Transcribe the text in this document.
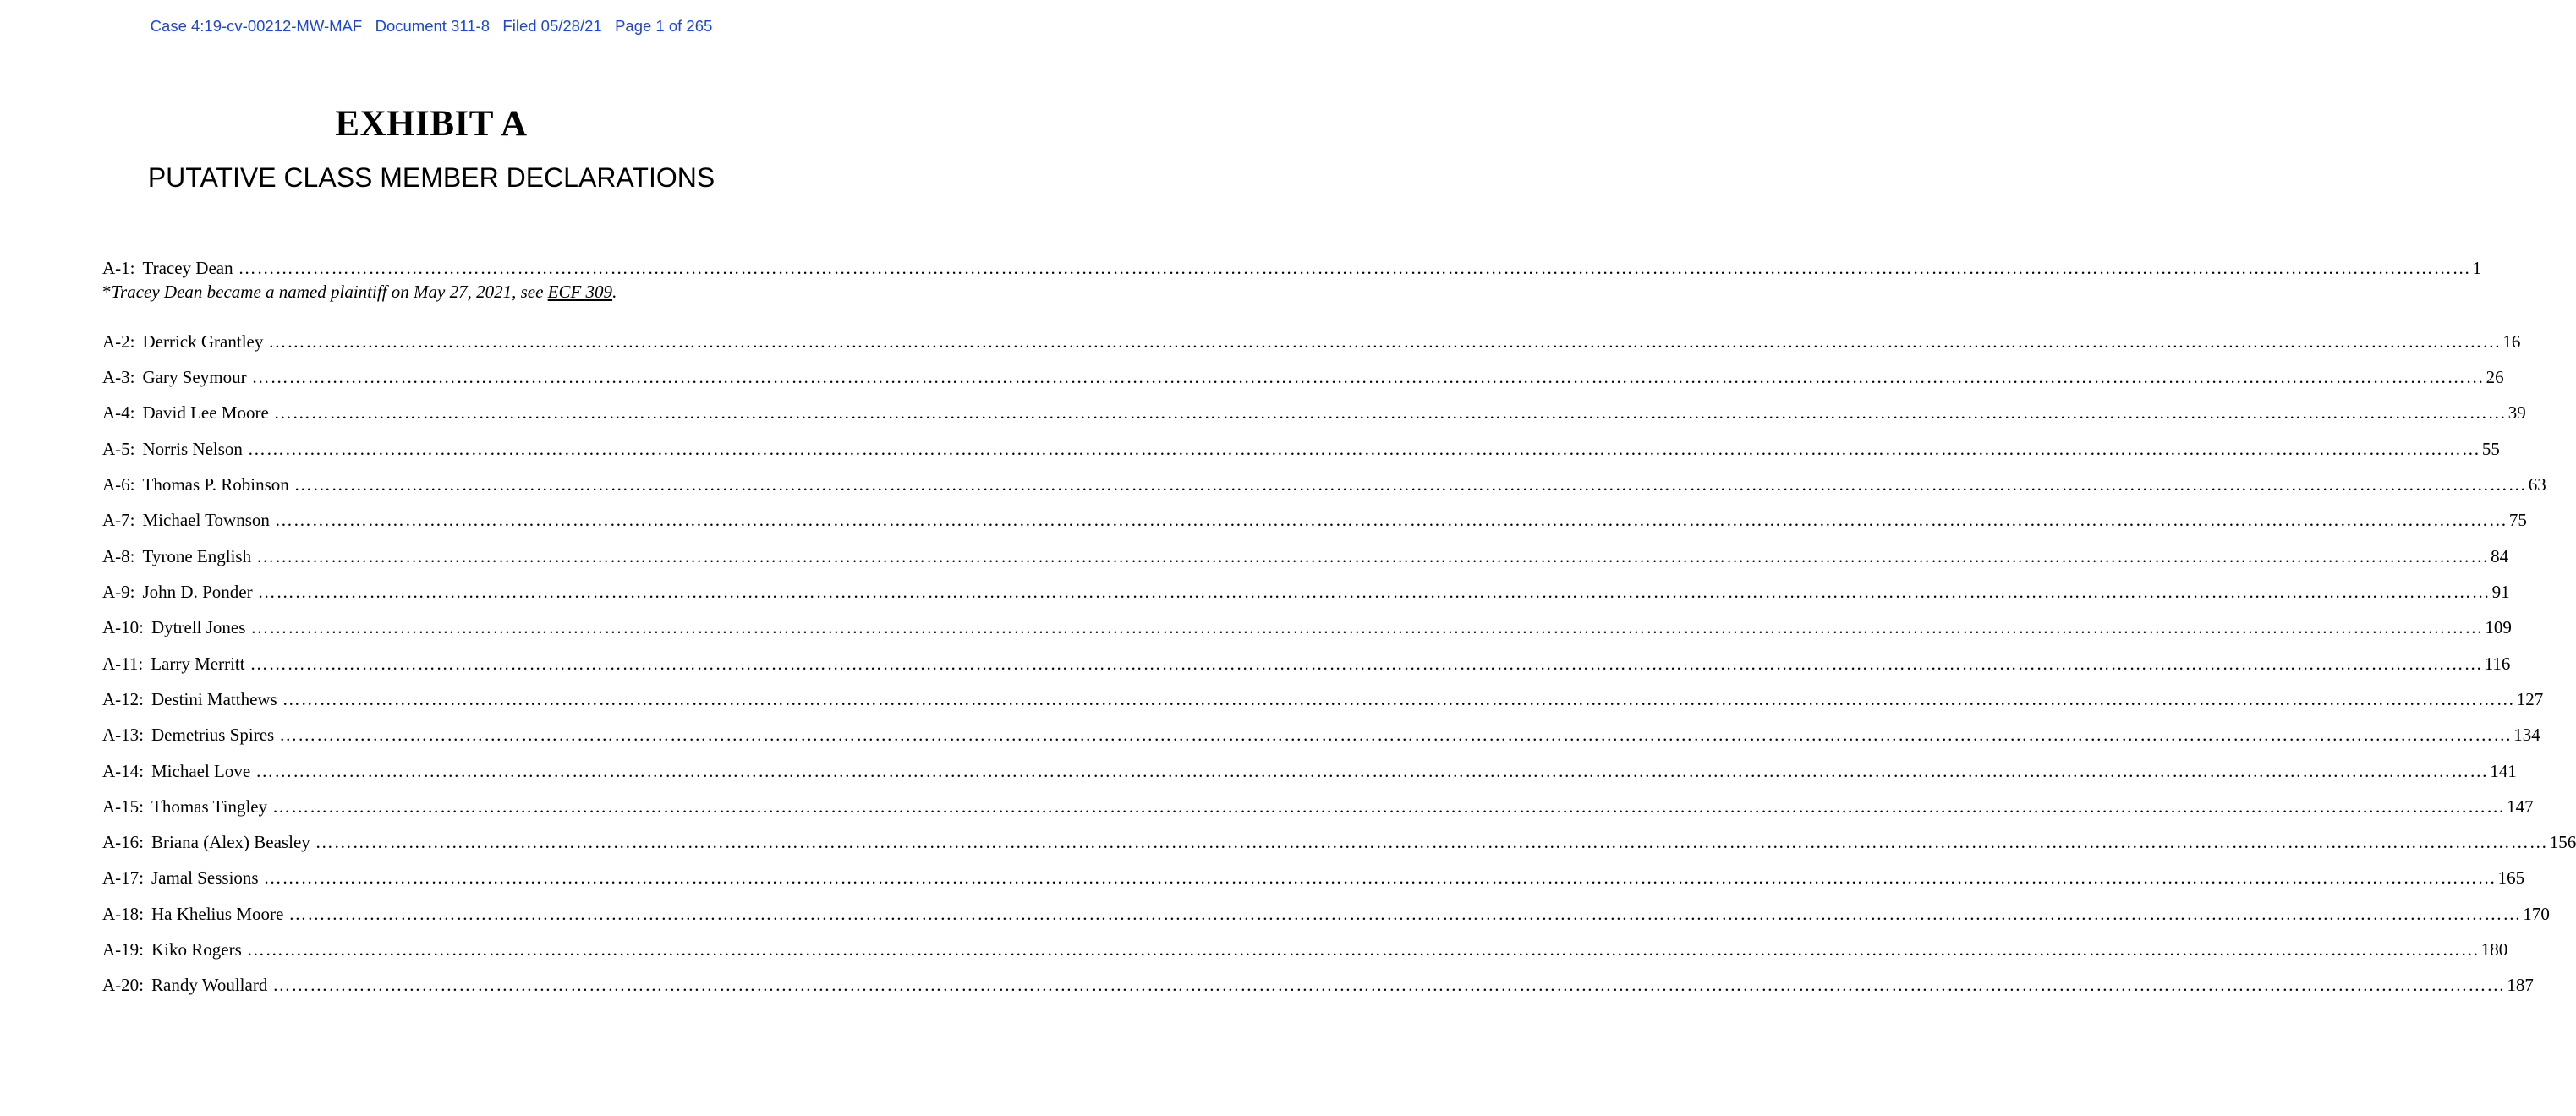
Case 4:19-cv-00212-MW-MAF   Document 311-8   Filed 05/28/21   Page 1 of 265
EXHIBIT A
PUTATIVE CLASS MEMBER DECLARATIONS
*Tracey Dean became a named plaintiff on May 27, 2021, see ECF 309.
A-1: Tracey Dean ……………………………………………………………………………………………………………………………………………………………………………………………………………………………………………………………………………………………………………………………… 1
A-2: Derrick Grantley ……………………………………………………………………………………………………………………………………………………………………………………………………………………………………………………………………………………………………………………………… 16
A-3: Gary Seymour ……………………………………………………………………………………………………………………………………………………………………………………………………………………………………………………………………………………………………………………………… 26
A-4: David Lee Moore ……………………………………………………………………………………………………………………………………………………………………………………………………………………………………………………………………………………………………………………………… 39
A-5: Norris Nelson ……………………………………………………………………………………………………………………………………………………………………………………………………………………………………………………………………………………………………………………………… 55
A-6: Thomas P. Robinson ……………………………………………………………………………………………………………………………………………………………………………………………………………………………………………………………………………………………………………………………… 63
A-7: Michael Townson ……………………………………………………………………………………………………………………………………………………………………………………………………………………………………………………………………………………………………………………………… 75
A-8: Tyrone English ……………………………………………………………………………………………………………………………………………………………………………………………………………………………………………………………………………………………………………………………… 84
A-9: John D. Ponder ……………………………………………………………………………………………………………………………………………………………………………………………………………………………………………………………………………………………………………………………… 91
A-10: Dytrell Jones ……………………………………………………………………………………………………………………………………………………………………………………………………………………………………………………………………………………………………………………………… 109
A-11: Larry Merritt ……………………………………………………………………………………………………………………………………………………………………………………………………………………………………………………………………………………………………………………………… 116
A-12: Destini Matthews ……………………………………………………………………………………………………………………………………………………………………………………………………………………………………………………………………………………………………………………………… 127
A-13: Demetrius Spires ……………………………………………………………………………………………………………………………………………………………………………………………………………………………………………………………………………………………………………………………… 134
A-14: Michael Love ……………………………………………………………………………………………………………………………………………………………………………………………………………………………………………………………………………………………………………………………… 141
A-15: Thomas Tingley ……………………………………………………………………………………………………………………………………………………………………………………………………………………………………………………………………………………………………………………………… 147
A-16: Briana (Alex) Beasley ……………………………………………………………………………………………………………………………………………………………………………………………………………………………………………………………………………………………………………………………… 156
A-17: Jamal Sessions ……………………………………………………………………………………………………………………………………………………………………………………………………………………………………………………………………………………………………………………………… 165
A-18: Ha Khelius Moore ……………………………………………………………………………………………………………………………………………………………………………………………………………………………………………………………………………………………………………………………… 170
A-19: Kiko Rogers ……………………………………………………………………………………………………………………………………………………………………………………………………………………………………………………………………………………………………………………………… 180
A-20: Randy Woullard ……………………………………………………………………………………………………………………………………………………………………………………………………………………………………………………………………………………………………………………………… 187
